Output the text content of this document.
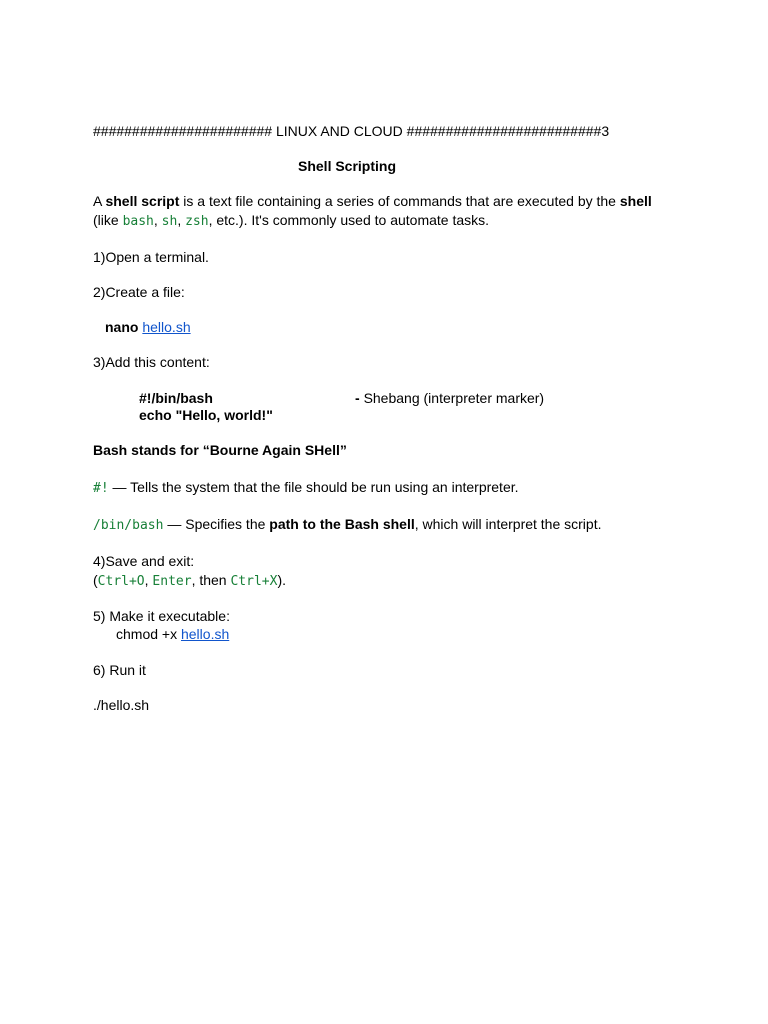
####################### LINUX AND CLOUD #########################3
Shell Scripting
A shell script is a text file containing a series of commands that are executed by the shell
(like bash, sh, zsh, etc.). It's commonly used to automate tasks.
1)Open a terminal.
2)Create a file:
nano hello.sh
3)Add this content:
#!/bin/bash	- Shebang (interpreter marker)
echo "Hello, world!"
Bash stands for “Bourne Again SHell”
#! — Tells the system that the file should be run using an interpreter.
/bin/bash — Specifies the path to the Bash shell, which will interpret the script.
4)Save and exit:
(Ctrl+O, Enter, then Ctrl+X).
5) Make it executable:
chmod +x hello.sh
6) Run it
./hello.sh
